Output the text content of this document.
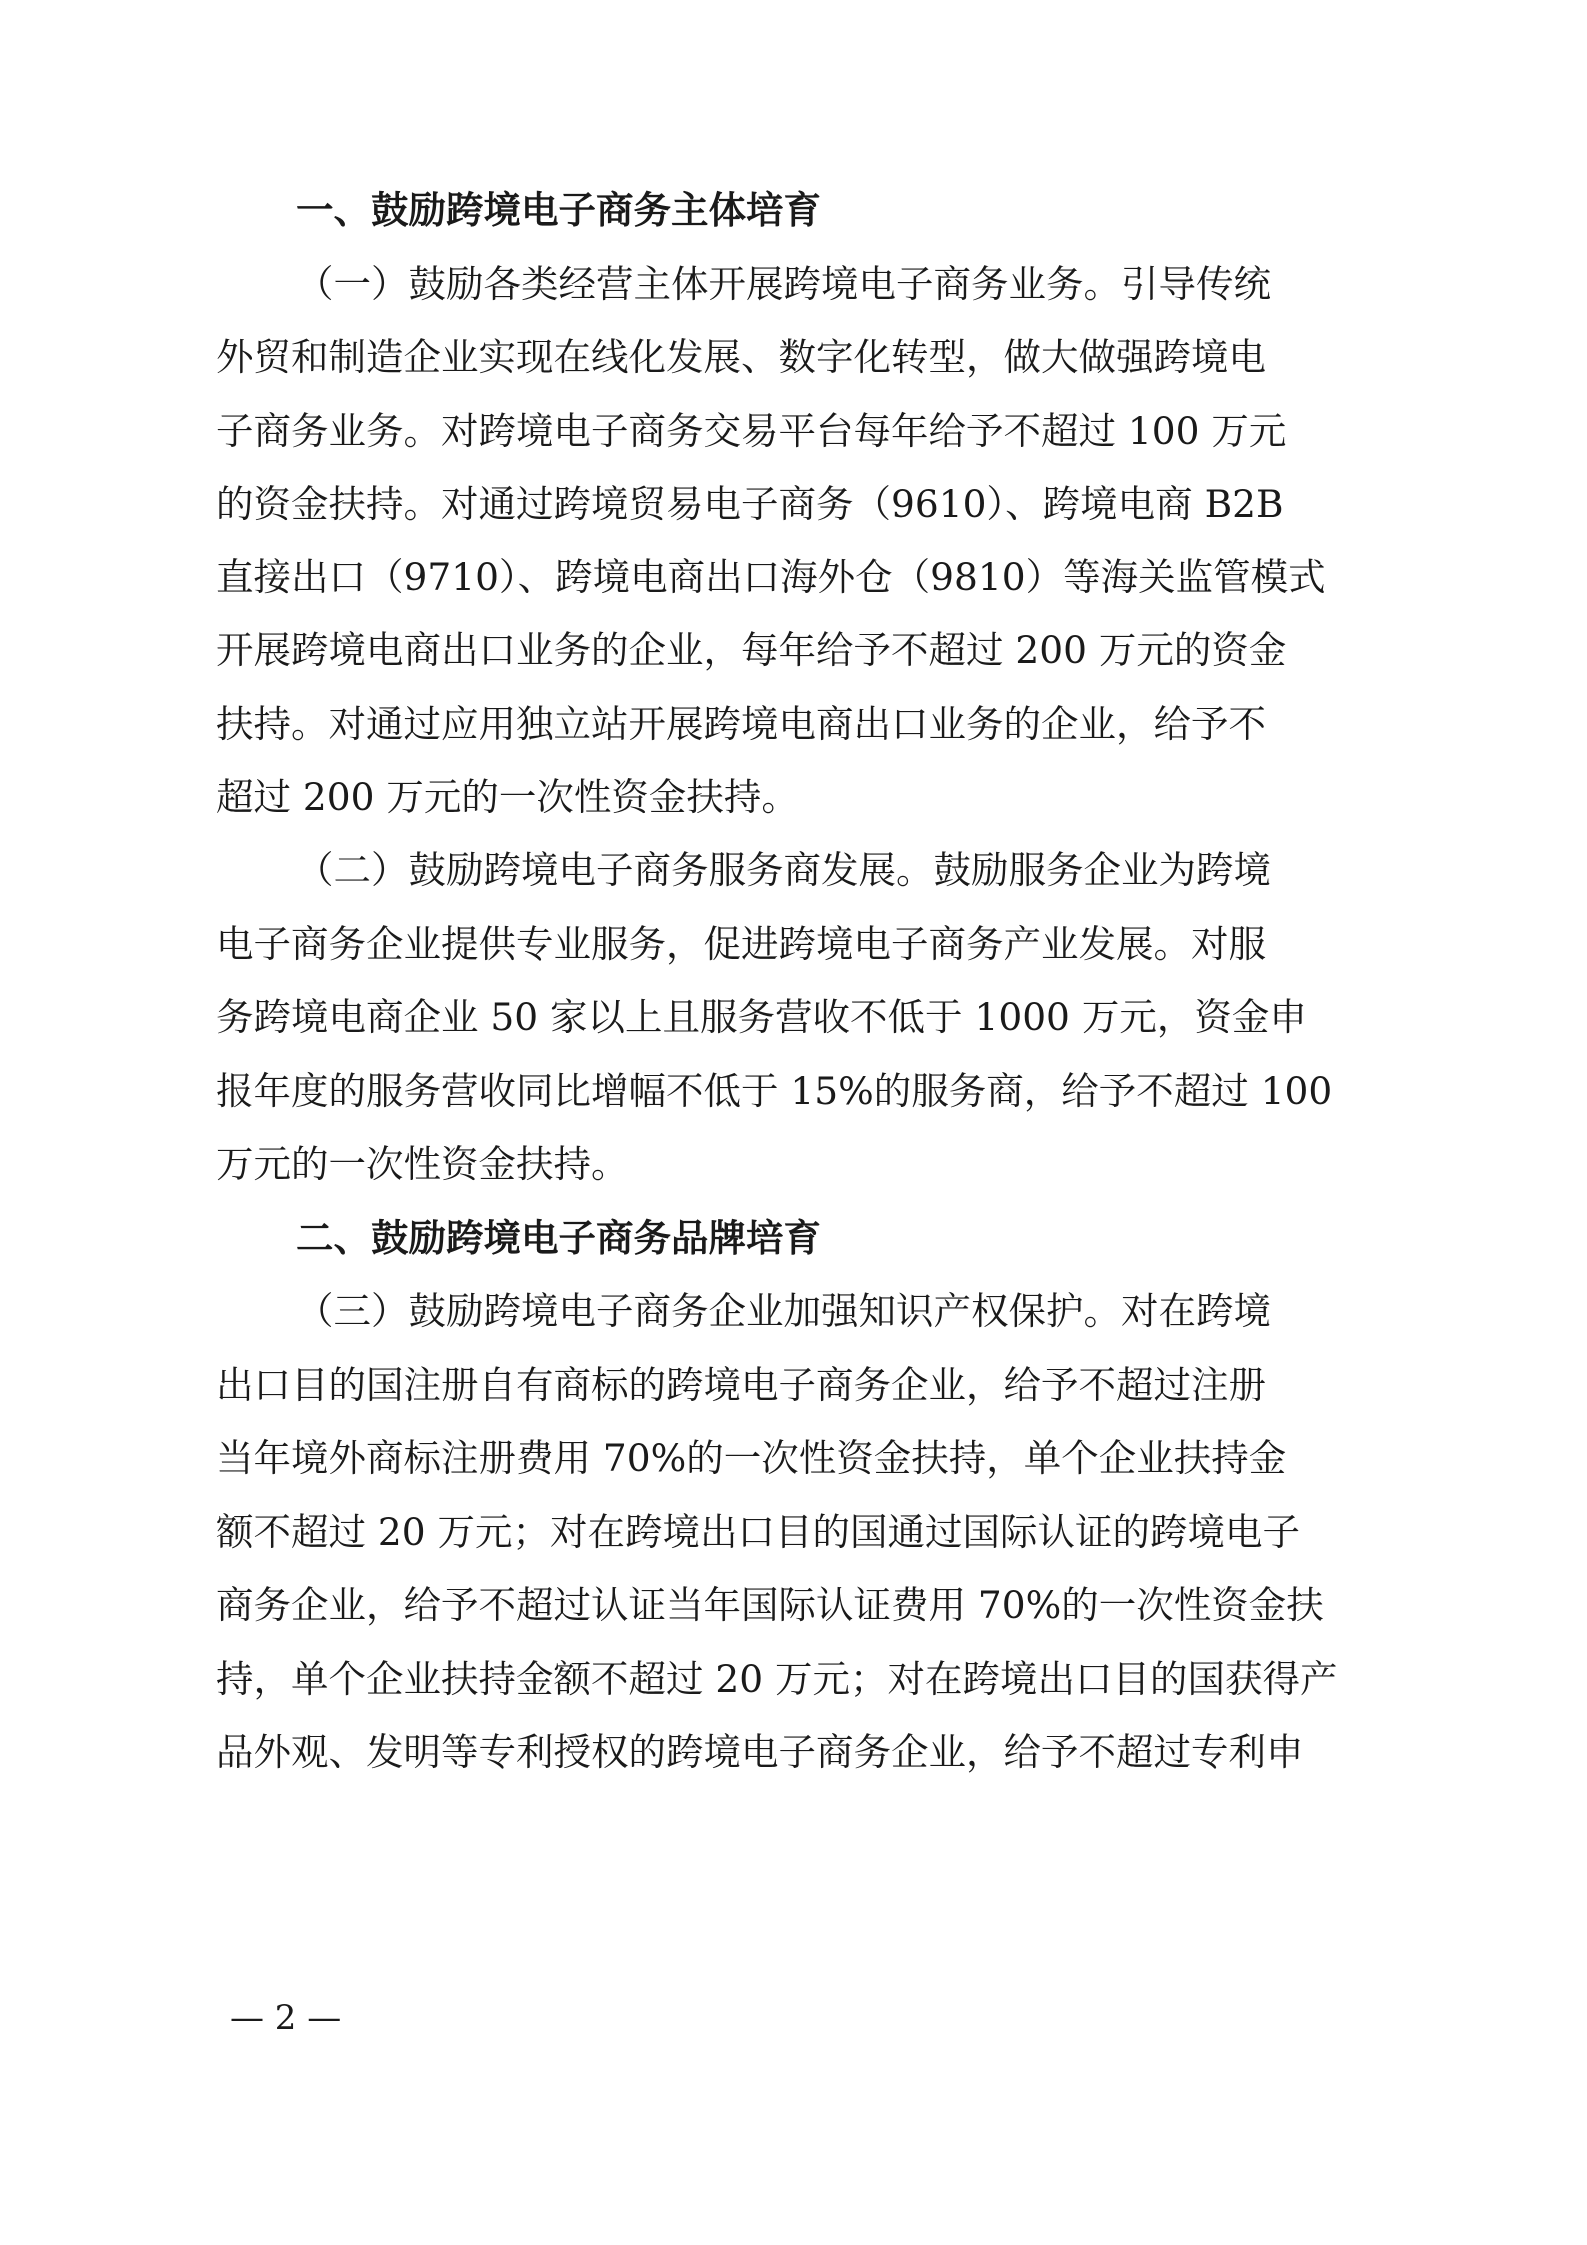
一、鼓励跨境电子商务主体培育
（一）鼓励各类经营主体开展跨境电子商务业务。引导传统
外贸和制造企业实现在线化发展、数字化转型，做大做强跨境电
子商务业务。对跨境电子商务交易平台每年给予不超过 100 万元
的资金扶持。对通过跨境贸易电子商务（9610）、跨境电商 B2B
直接出口（9710）、跨境电商出口海外仓（9810）等海关监管模式
开展跨境电商出口业务的企业，每年给予不超过 200 万元的资金
扶持。对通过应用独立站开展跨境电商出口业务的企业，给予不
超过 200 万元的一次性资金扶持。
（二）鼓励跨境电子商务服务商发展。鼓励服务企业为跨境
电子商务企业提供专业服务，促进跨境电子商务产业发展。对服
务跨境电商企业 50 家以上且服务营收不低于 1000 万元，资金申
报年度的服务营收同比增幅不低于 15%的服务商，给予不超过 100
万元的一次性资金扶持。
二、鼓励跨境电子商务品牌培育
（三）鼓励跨境电子商务企业加强知识产权保护。对在跨境
出口目的国注册自有商标的跨境电子商务企业，给予不超过注册
当年境外商标注册费用 70%的一次性资金扶持，单个企业扶持金
额不超过 20 万元；对在跨境出口目的国通过国际认证的跨境电子
商务企业，给予不超过认证当年国际认证费用 70%的一次性资金扶
持，单个企业扶持金额不超过 20 万元；对在跨境出口目的国获得产
品外观、发明等专利授权的跨境电子商务企业，给予不超过专利申
— 2 —
